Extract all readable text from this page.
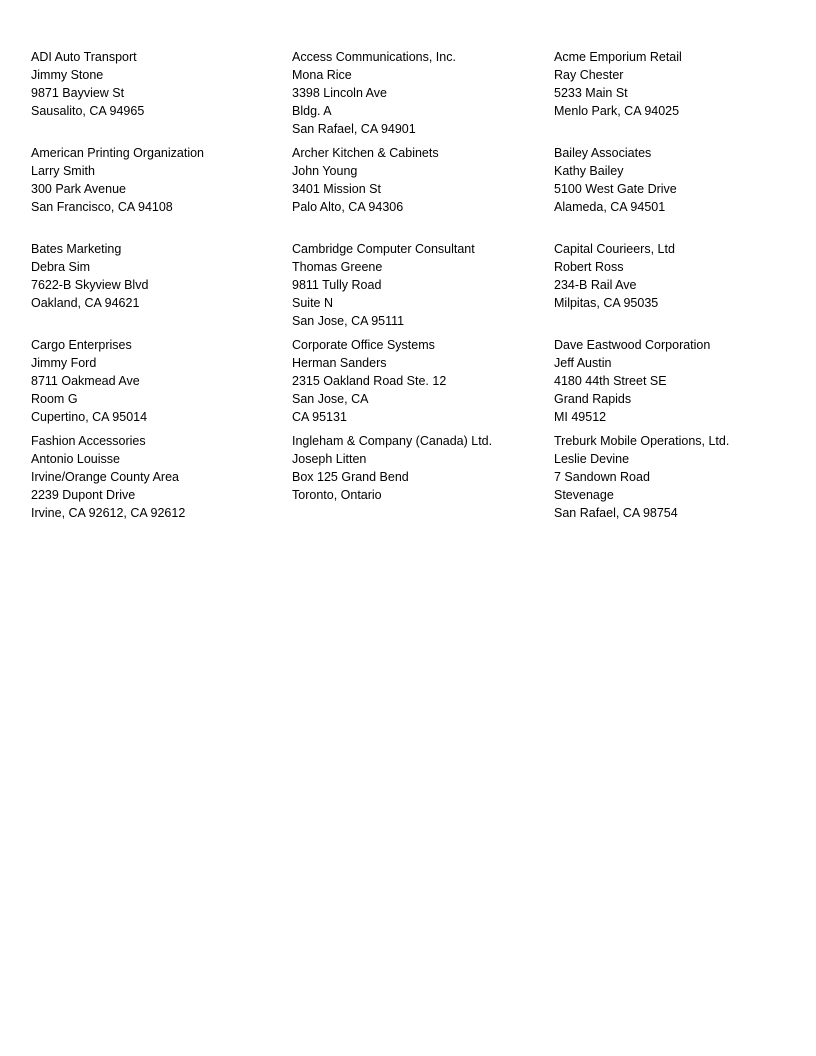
ADI Auto Transport
Jimmy Stone
9871 Bayview St
Sausalito, CA 94965
Access Communications, Inc.
Mona Rice
3398 Lincoln Ave
Bldg. A
San Rafael, CA 94901
Acme Emporium Retail
Ray Chester
5233 Main St
Menlo Park, CA 94025
American Printing Organization
Larry Smith
300 Park Avenue
San Francisco, CA 94108
Archer Kitchen & Cabinets
John Young
3401 Mission St
Palo Alto, CA 94306
Bailey Associates
Kathy Bailey
5100 West Gate Drive
Alameda, CA 94501
Bates Marketing
Debra Sim
7622-B Skyview Blvd
Oakland, CA 94621
Cambridge Computer Consultant
Thomas Greene
9811 Tully Road
Suite N
San Jose, CA 95111
Capital Courieers, Ltd
Robert Ross
234-B Rail Ave
Milpitas, CA 95035
Cargo Enterprises
Jimmy Ford
8711 Oakmead Ave
Room G
Cupertino, CA 95014
Corporate Office Systems
Herman Sanders
2315 Oakland Road Ste. 12
San Jose, CA
CA 95131
Dave Eastwood Corporation
Jeff Austin
4180 44th Street SE
Grand Rapids
MI 49512
Fashion Accessories
Antonio Louisse
Irvine/Orange County Area
2239 Dupont Drive
Irvine, CA 92612, CA 92612
Ingleham & Company (Canada) Ltd.
Joseph Litten
Box 125 Grand Bend
Toronto, Ontario
Treburk Mobile Operations, Ltd.
Leslie Devine
7 Sandown Road
Stevenage
San Rafael, CA 98754
